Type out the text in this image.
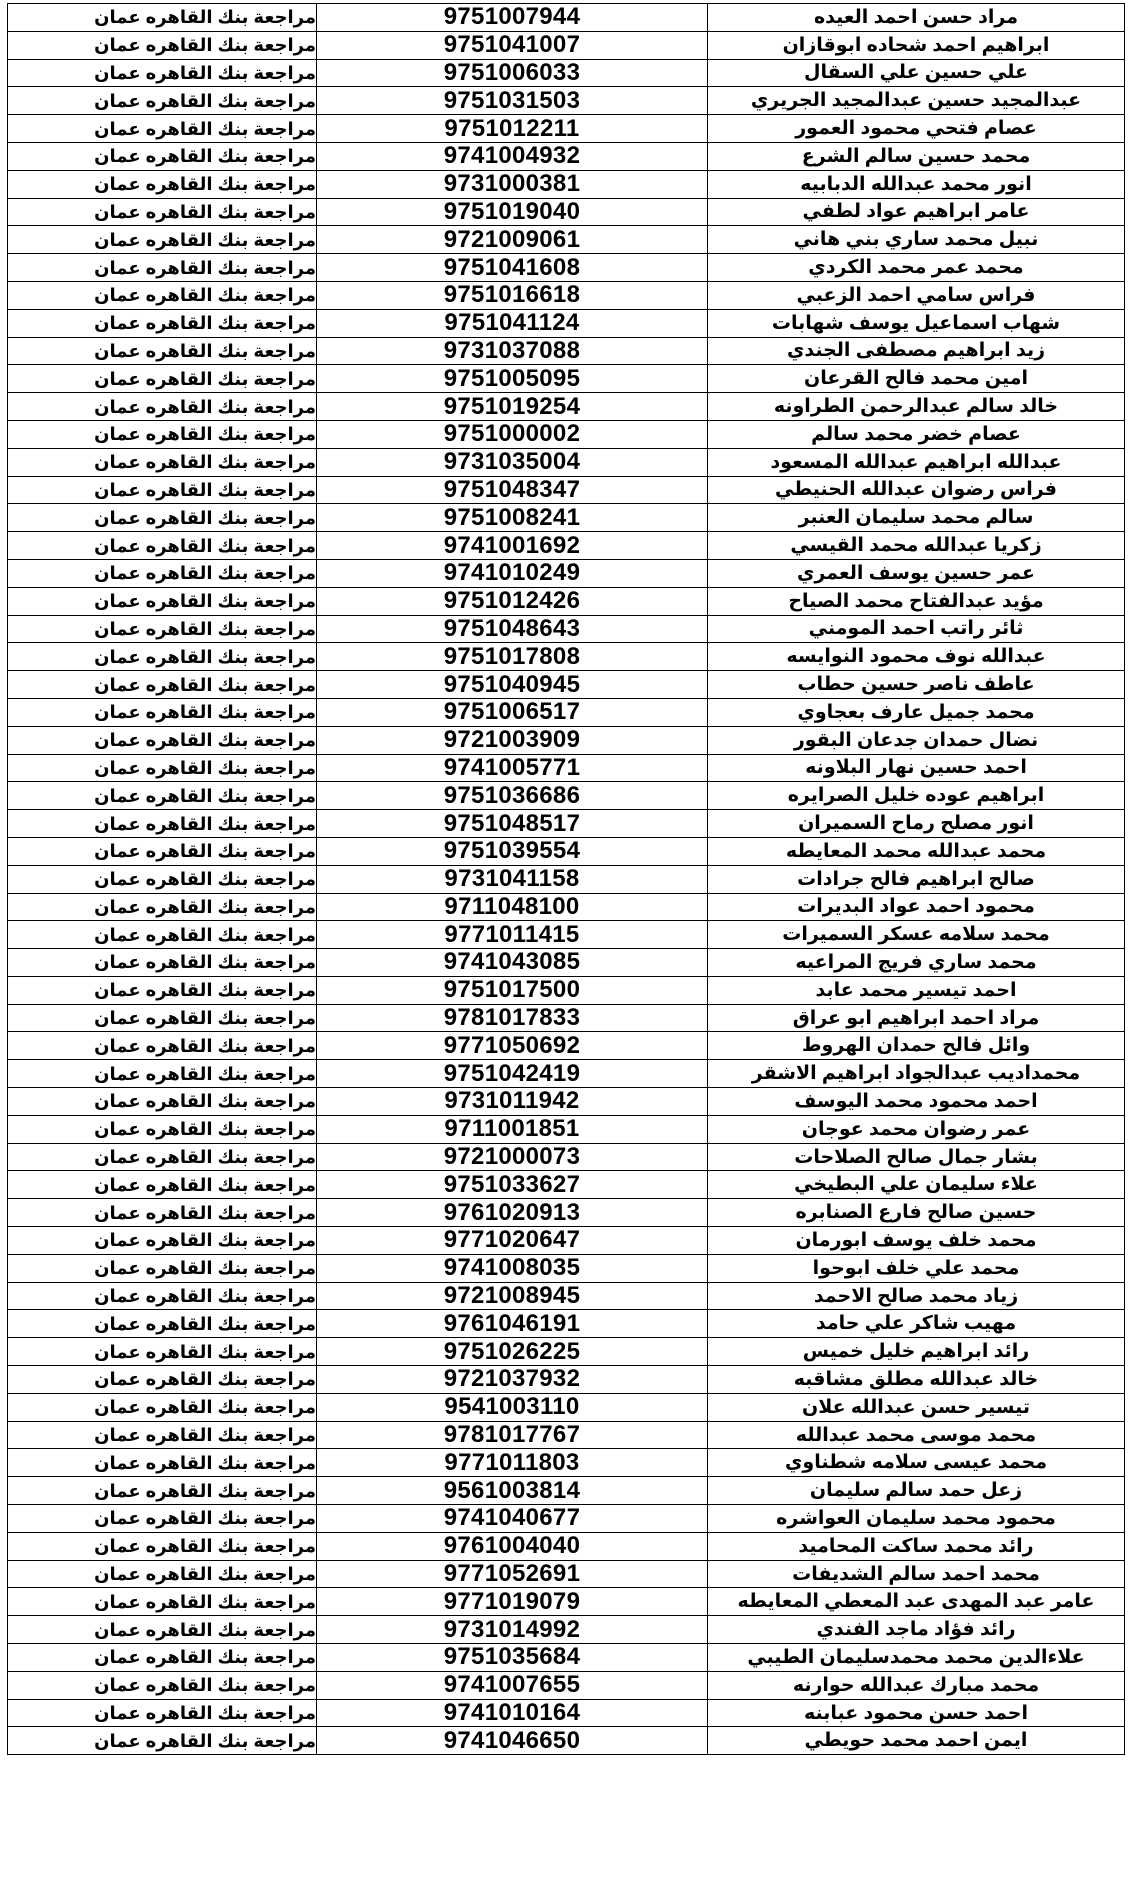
مراجعة بنك القاهره عمان	9751007944	مراد حسن احمد العيده
مراجعة بنك القاهره عمان	9751041007	ابراهيم احمد شحاده ابوقازان
مراجعة بنك القاهره عمان	9751006033	علي حسين علي السقال
مراجعة بنك القاهره عمان	9751031503	عبدالمجيد حسين عبدالمجيد الجريري
مراجعة بنك القاهره عمان	9751012211	عصام فتحي محمود العمور
مراجعة بنك القاهره عمان	9741004932	محمد حسين سالم الشرع
مراجعة بنك القاهره عمان	9731000381	انور محمد عبدالله الدبابيه
مراجعة بنك القاهره عمان	9751019040	عامر ابراهيم عواد لطفي
مراجعة بنك القاهره عمان	9721009061	نبيل محمد ساري بني هاني
مراجعة بنك القاهره عمان	9751041608	محمد عمر محمد الكردي
مراجعة بنك القاهره عمان	9751016618	فراس سامي احمد الزعبي
مراجعة بنك القاهره عمان	9751041124	شهاب اسماعيل يوسف شهابات
مراجعة بنك القاهره عمان	9731037088	زيد ابراهيم مصطفى الجندي
مراجعة بنك القاهره عمان	9751005095	امين محمد فالح القرعان
مراجعة بنك القاهره عمان	9751019254	خالد سالم عبدالرحمن الطراونه
مراجعة بنك القاهره عمان	9751000002	عصام خضر محمد سالم
مراجعة بنك القاهره عمان	9731035004	عبدالله ابراهيم عبدالله المسعود
مراجعة بنك القاهره عمان	9751048347	فراس رضوان عبدالله الحنيطي
مراجعة بنك القاهره عمان	9751008241	سالم محمد سليمان العنبر
مراجعة بنك القاهره عمان	9741001692	زكريا عبدالله محمد القيسي
مراجعة بنك القاهره عمان	9741010249	عمر حسين يوسف العمري
مراجعة بنك القاهره عمان	9751012426	مؤيد عبدالفتاح محمد الصياح
مراجعة بنك القاهره عمان	9751048643	ثائر راتب احمد المومني
مراجعة بنك القاهره عمان	9751017808	عبدالله نوف محمود النوايسه
مراجعة بنك القاهره عمان	9751040945	عاطف ناصر حسين حطاب
مراجعة بنك القاهره عمان	9751006517	محمد جميل عارف بعجاوي
مراجعة بنك القاهره عمان	9721003909	نضال حمدان جدعان البقور
مراجعة بنك القاهره عمان	9741005771	احمد حسين نهار البلاونه
مراجعة بنك القاهره عمان	9751036686	ابراهيم عوده خليل الصرايره
مراجعة بنك القاهره عمان	9751048517	انور مصلح رماح السميران
مراجعة بنك القاهره عمان	9751039554	محمد عبدالله محمد المعايطه
مراجعة بنك القاهره عمان	9731041158	صالح ابراهيم فالح جرادات
مراجعة بنك القاهره عمان	9711048100	محمود احمد عواد البديرات
مراجعة بنك القاهره عمان	9771011415	محمد سلامه عسكر السميرات
مراجعة بنك القاهره عمان	9741043085	محمد ساري فريج المراعيه
مراجعة بنك القاهره عمان	9751017500	احمد تيسير محمد عابد
مراجعة بنك القاهره عمان	9781017833	مراد احمد ابراهيم ابو عراق
مراجعة بنك القاهره عمان	9771050692	وائل فالح حمدان الهروط
مراجعة بنك القاهره عمان	9751042419	محمداديب عبدالجواد ابراهيم الاشقر
مراجعة بنك القاهره عمان	9731011942	احمد محمود محمد اليوسف
مراجعة بنك القاهره عمان	9711001851	عمر رضوان محمد عوجان
مراجعة بنك القاهره عمان	9721000073	بشار جمال صالح الصلاحات
مراجعة بنك القاهره عمان	9751033627	علاء سليمان علي البطيخي
مراجعة بنك القاهره عمان	9761020913	حسين صالح فارع الصنابره
مراجعة بنك القاهره عمان	9771020647	محمد خلف يوسف ابورمان
مراجعة بنك القاهره عمان	9741008035	محمد علي خلف ابوحوا
مراجعة بنك القاهره عمان	9721008945	زياد محمد صالح الاحمد
مراجعة بنك القاهره عمان	9761046191	مهيب شاكر علي حامد
مراجعة بنك القاهره عمان	9751026225	رائد ابراهيم خليل خميس
مراجعة بنك القاهره عمان	9721037932	خالد عبدالله مطلق مشاقبه
مراجعة بنك القاهره عمان	9541003110	تيسير حسن عبدالله علان
مراجعة بنك القاهره عمان	9781017767	محمد موسى محمد عبدالله
مراجعة بنك القاهره عمان	9771011803	محمد عيسى سلامه شطناوي
مراجعة بنك القاهره عمان	9561003814	زعل حمد سالم سليمان
مراجعة بنك القاهره عمان	9741040677	محمود محمد سليمان العواشره
مراجعة بنك القاهره عمان	9761004040	رائد محمد ساكت المحاميد
مراجعة بنك القاهره عمان	9771052691	محمد احمد سالم الشديفات
مراجعة بنك القاهره عمان	9771019079	عامر عبد المهدى عبد المعطي المعايطه
مراجعة بنك القاهره عمان	9731014992	رائد فؤاد ماجد الفندي
مراجعة بنك القاهره عمان	9751035684	علاءالدين محمد محمدسليمان الطيبي
مراجعة بنك القاهره عمان	9741007655	محمد مبارك عبدالله حوارنه
مراجعة بنك القاهره عمان	9741010164	احمد حسن محمود عبابنه
مراجعة بنك القاهره عمان	9741046650	ايمن احمد محمد حويطي
